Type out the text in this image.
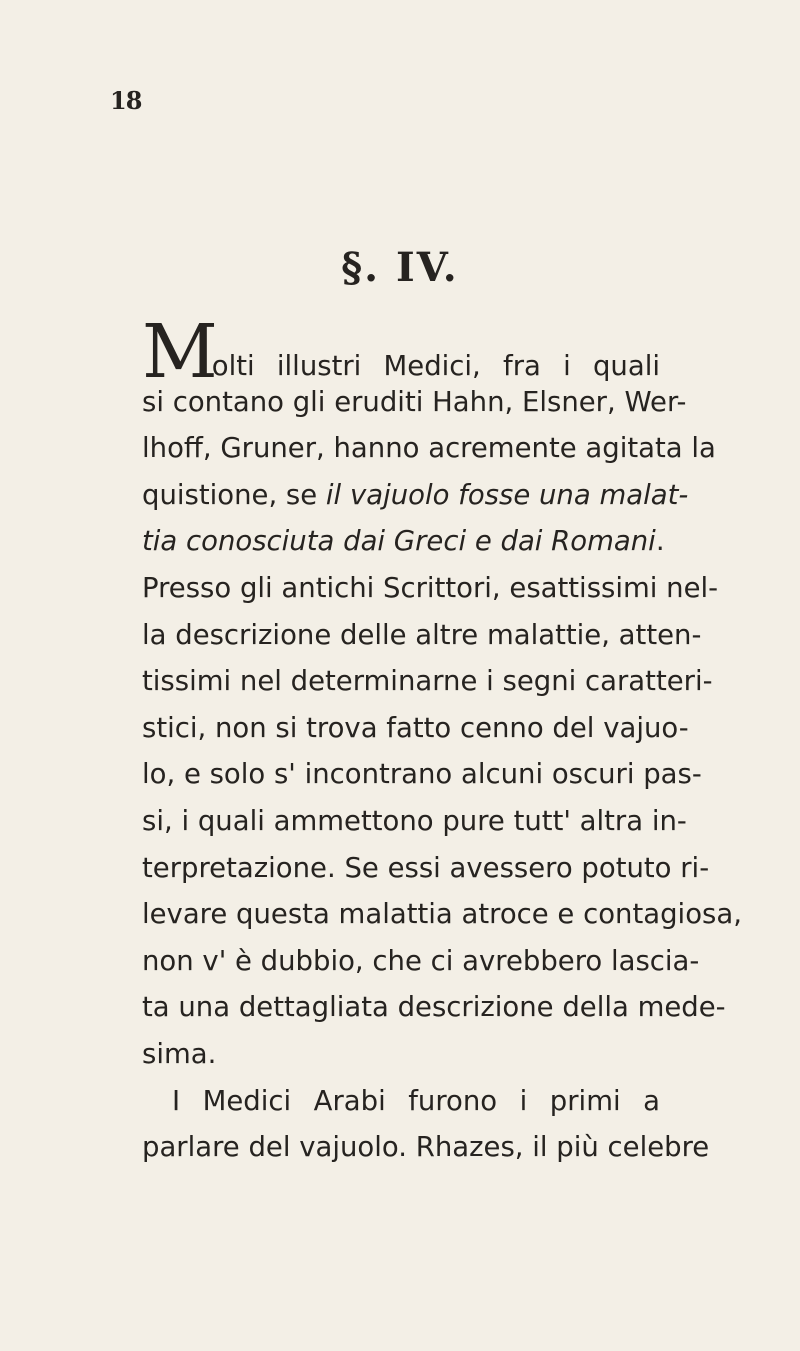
18
§. IV.
Molti illustri Medici, fra i quali
si contano gli eruditi Hahn, Elsner, Wer-
lhoff, Gruner, hanno acremente agitata la
quistione, se il vajuolo fosse una malat-
tia conosciuta dai Greci e dai Romani.
Presso gli antichi Scrittori, esattissimi nel-
la descrizione delle altre malattie, atten-
tissimi nel determinarne i segni caratteri-
stici, non si trova fatto cenno del vajuo-
lo, e solo s' incontrano alcuni oscuri pas-
si, i quali ammettono pure tutt' altra in-
terpretazione. Se essi avessero potuto ri-
levare questa malattia atroce e contagiosa,
non v' è dubbio, che ci avrebbero lascia-
ta una dettagliata descrizione della mede-
sima.
I Medici Arabi furono i primi a
parlare del vajuolo. Rhazes, il più celebre
